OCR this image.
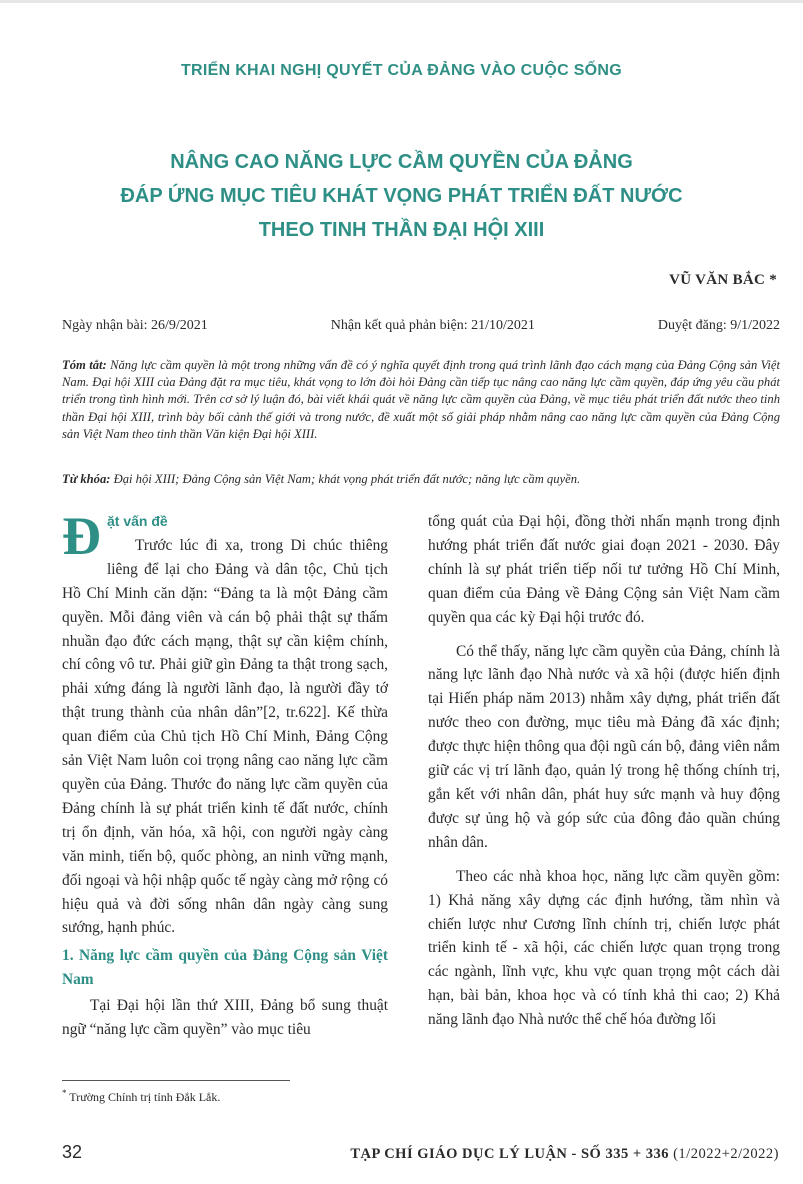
TRIỂN KHAI NGHỊ QUYẾT CỦA ĐẢNG VÀO CUỘC SỐNG
NÂNG CAO NĂNG LỰC CẦM QUYỀN CỦA ĐẢNG
ĐÁP ỨNG MỤC TIÊU KHÁT VỌNG PHÁT TRIỂN ĐẤT NƯỚC
THEO TINH THẦN ĐẠI HỘI XIII
VŨ VĂN BẮC *
Ngày nhận bài: 26/9/2021	Nhận kết quả phản biện: 21/10/2021	Duyệt đăng: 9/1/2022

Tóm tắt: Năng lực cầm quyền là một trong những vấn đề có ý nghĩa quyết định trong quá trình lãnh đạo cách mạng của Đảng Cộng sản Việt Nam. Đại hội XIII của Đảng đặt ra mục tiêu, khát vọng to lớn đòi hỏi Đảng cần tiếp tục nâng cao năng lực cầm quyền, đáp ứng yêu cầu phát triển trong tình hình mới. Trên cơ sở lý luận đó, bài viết khái quát về năng lực cầm quyền của Đảng, về mục tiêu phát triển đất nước theo tinh thần Đại hội XIII, trình bày bối cảnh thế giới và trong nước, đề xuất một số giải pháp nhằm nâng cao năng lực cầm quyền của Đảng Cộng sản Việt Nam theo tinh thần Văn kiện Đại hội XIII.

Từ khóa: Đại hội XIII; Đảng Cộng sản Việt Nam; khát vọng phát triển đất nước; năng lực cầm quyền.

Đặt vấn đề

Trước lúc đi xa, trong Di chúc thiêng liêng để lại cho Đảng và dân tộc, Chủ tịch Hồ Chí Minh căn dặn: “Đảng ta là một Đảng cầm quyền. Mỗi đảng viên và cán bộ phải thật sự thấm nhuần đạo đức cách mạng, thật sự cần kiệm chính, chí công vô tư. Phải giữ gìn Đảng ta thật trong sạch, phải xứng đáng là người lãnh đạo, là người đầy tớ thật trung thành của nhân dân”[2, tr.622]. Kế thừa quan điểm của Chủ tịch Hồ Chí Minh, Đảng Cộng sản Việt Nam luôn coi trọng nâng cao năng lực cầm quyền của Đảng. Thước đo năng lực cầm quyền của Đảng chính là sự phát triển kinh tế đất nước, chính trị ổn định, văn hóa, xã hội, con người ngày càng văn minh, tiến bộ, quốc phòng, an ninh vững mạnh, đối ngoại và hội nhập quốc tế ngày càng mở rộng có hiệu quả và đời sống nhân dân ngày càng sung sướng, hạnh phúc.

1. Năng lực cầm quyền của Đảng Cộng sản Việt Nam

Tại Đại hội lần thứ XIII, Đảng bổ sung thuật ngữ “năng lực cầm quyền” vào mục tiêu

tổng quát của Đại hội, đồng thời nhấn mạnh trong định hướng phát triển đất nước giai đoạn 2021 - 2030. Đây chính là sự phát triển tiếp nối tư tưởng Hồ Chí Minh, quan điểm của Đảng về Đảng Cộng sản Việt Nam cầm quyền qua các kỳ Đại hội trước đó.

Có thể thấy, năng lực cầm quyền của Đảng, chính là năng lực lãnh đạo Nhà nước và xã hội (được hiến định tại Hiến pháp năm 2013) nhằm xây dựng, phát triển đất nước theo con đường, mục tiêu mà Đảng đã xác định; được thực hiện thông qua đội ngũ cán bộ, đảng viên nắm giữ các vị trí lãnh đạo, quản lý trong hệ thống chính trị, gắn kết với nhân dân, phát huy sức mạnh và huy động được sự ủng hộ và góp sức của đông đảo quần chúng nhân dân.

Theo các nhà khoa học, năng lực cầm quyền gồm: 1) Khả năng xây dựng các định hướng, tầm nhìn và chiến lược như Cương lĩnh chính trị, chiến lược phát triển kinh tế - xã hội, các chiến lược quan trọng trong các ngành, lĩnh vực, khu vực quan trọng một cách dài hạn, bài bản, khoa học và có tính khả thi cao; 2) Khả năng lãnh đạo Nhà nước thể chế hóa đường lối

* Trường Chính trị tỉnh Đắk Lắk.
32	TẠP CHÍ GIÁO DỤC LÝ LUẬN - SỐ 335 + 336 (1/2022+2/2022)
